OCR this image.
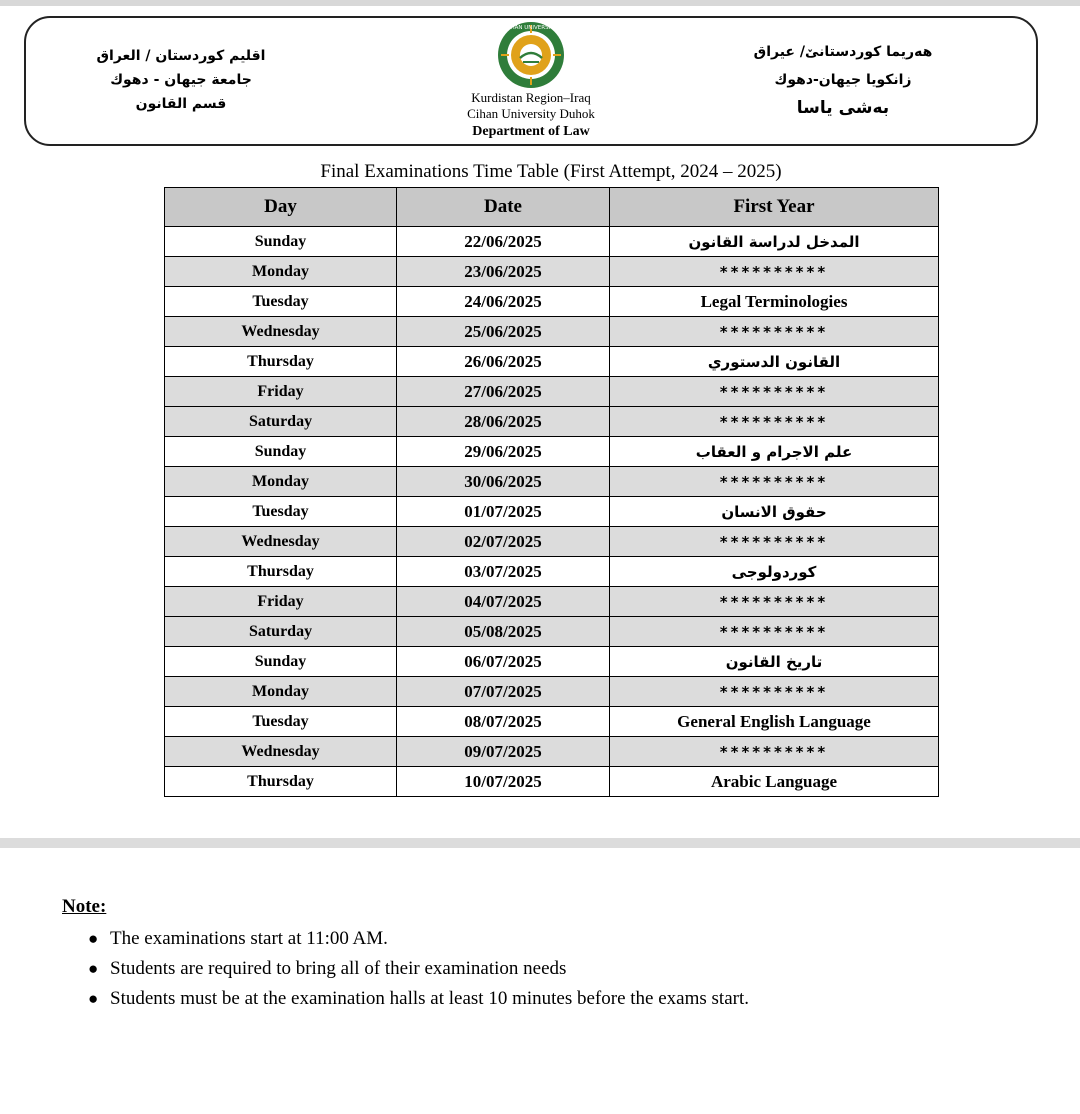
اقليم كوردستان / العراق
جامعة جيهان - دهوك
قسم القانون
CIHAN UNIVERSITY
Kurdistan Region–Iraq
Cihan University Duhok
Department of Law
هەريما كوردستانێ/ عيراق
زانكويا جيهان-دهوك
بەشى ياسا
Final Examinations Time Table (First Attempt, 2024 – 2025)
Day	Date	First Year
Sunday	22/06/2025	المدخل لدراسة القانون
Monday	23/06/2025	**********
Tuesday	24/06/2025	Legal Terminologies
Wednesday	25/06/2025	**********
Thursday	26/06/2025	القانون الدستوري
Friday	27/06/2025	**********
Saturday	28/06/2025	**********
Sunday	29/06/2025	علم الاجرام و العقاب
Monday	30/06/2025	**********
Tuesday	01/07/2025	حقوق الانسان
Wednesday	02/07/2025	**********
Thursday	03/07/2025	كوردولوجى
Friday	04/07/2025	**********
Saturday	05/08/2025	**********
Sunday	06/07/2025	تاريخ القانون
Monday	07/07/2025	**********
Tuesday	08/07/2025	General English Language
Wednesday	09/07/2025	**********
Thursday	10/07/2025	Arabic Language
Note:
● The examinations start at 11:00 AM.
● Students are required to bring all of their examination needs
● Students must be at the examination halls at least 10 minutes before the exams start.
